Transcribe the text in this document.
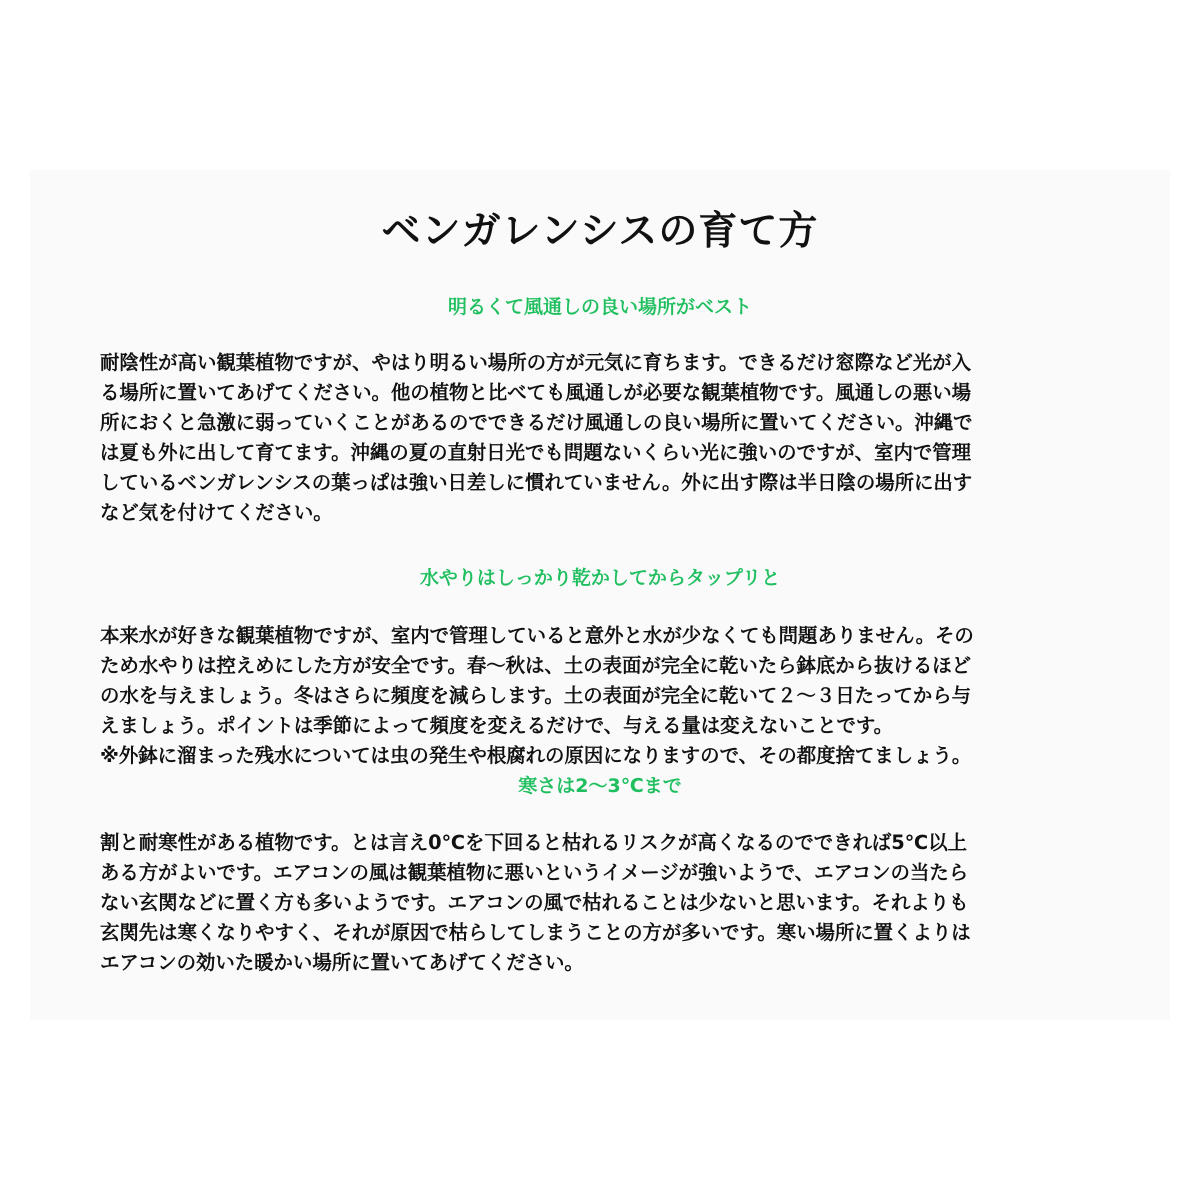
ベンガレンシスの育て方
明るくて風通しの良い場所がベスト
耐陰性が高い観葉植物ですが、やはり明るい場所の方が元気に育ちます。できるだけ窓際など光が入
る場所に置いてあげてください。他の植物と比べても風通しが必要な観葉植物です。風通しの悪い場
所におくと急激に弱っていくことがあるのでできるだけ風通しの良い場所に置いてください。沖縄で
は夏も外に出して育てます。沖縄の夏の直射日光でも問題ないくらい光に強いのですが、室内で管理
しているベンガレンシスの葉っぱは強い日差しに慣れていません。外に出す際は半日陰の場所に出す
など気を付けてください。
水やりはしっかり乾かしてからタップリと
本来水が好きな観葉植物ですが、室内で管理していると意外と水が少なくても問題ありません。その
ため水やりは控えめにした方が安全です。春〜秋は、土の表面が完全に乾いたら鉢底から抜けるほど
の水を与えましょう。冬はさらに頻度を減らします。土の表面が完全に乾いて２〜３日たってから与
えましょう。ポイントは季節によって頻度を変えるだけで、与える量は変えないことです。
※外鉢に溜まった残水については虫の発生や根腐れの原因になりますので、その都度捨てましょう。
寒さは2〜3℃まで
割と耐寒性がある植物です。とは言え0℃を下回ると枯れるリスクが高くなるのでできれば5℃以上
ある方がよいです。エアコンの風は観葉植物に悪いというイメージが強いようで、エアコンの当たら
ない玄関などに置く方も多いようです。エアコンの風で枯れることは少ないと思います。それよりも
玄関先は寒くなりやすく、それが原因で枯らしてしまうことの方が多いです。寒い場所に置くよりは
エアコンの効いた暖かい場所に置いてあげてください。
